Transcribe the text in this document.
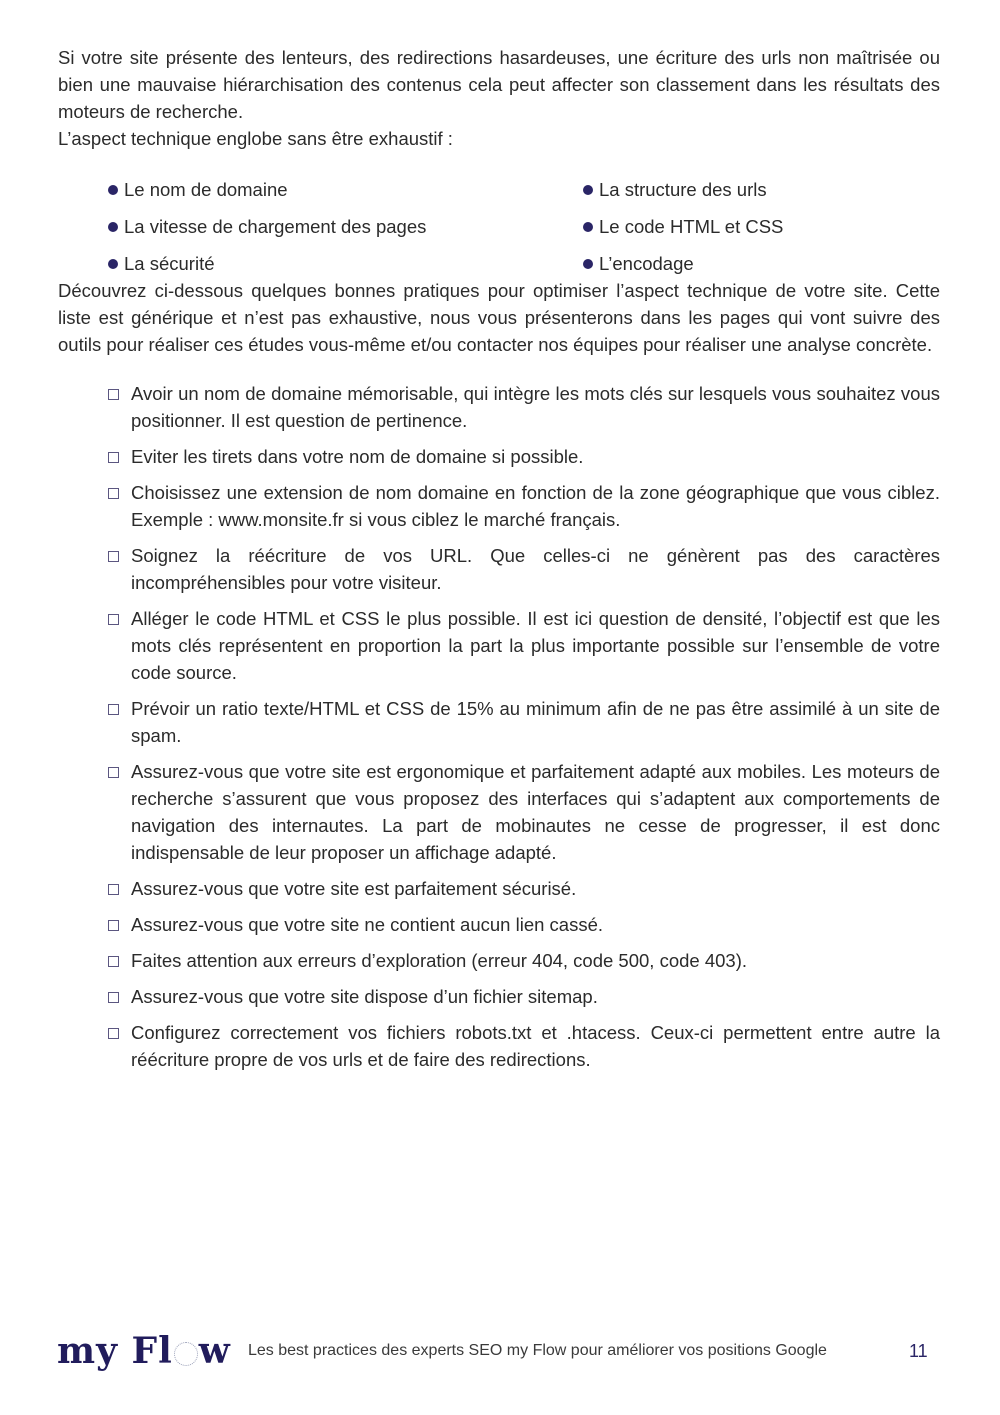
Si votre site présente des lenteurs, des redirections hasardeuses, une écriture des urls non maîtrisée ou bien une mauvaise hiérarchisation des contenus cela peut affecter son classement dans les résultats des moteurs de recherche.

L’aspect technique englobe sans être exhaustif :

Le nom de domaine	La structure des urls
La vitesse de chargement des pages	Le code HTML et CSS
La sécurité	L’encodage

Découvrez ci-dessous quelques bonnes pratiques pour optimiser l’aspect technique de votre site. Cette liste est générique et n’est pas exhaustive, nous vous présenterons dans les pages qui vont suivre des outils pour réaliser ces études vous-même et/ou contacter nos équipes pour réaliser une analyse concrète.

Avoir un nom de domaine mémorisable, qui intègre les mots clés sur lesquels vous souhaitez vous positionner. Il est question de pertinence.
Eviter les tirets dans votre nom de domaine si possible.
Choisissez une extension de nom domaine en fonction de la zone géographique que vous ciblez. Exemple : www.monsite.fr si vous ciblez le marché français.
Soignez la réécriture de vos URL. Que celles-ci ne génèrent pas des caractères incompréhensibles pour votre visiteur.
Alléger le code HTML et CSS le plus possible. Il est ici question de densité, l’objectif est que les mots clés représentent en proportion la part la plus importante possible sur l’ensemble de votre code source.
Prévoir un ratio texte/HTML et CSS de 15% au minimum afin de ne pas être assimilé à un site de spam.
Assurez-vous que votre site est ergonomique et parfaitement adapté aux mobiles. Les moteurs de recherche s’assurent que vous proposez des interfaces qui s’adaptent aux comportements de navigation des internautes. La part de mobinautes ne cesse de progresser, il est donc indispensable de leur proposer un affichage adapté.
Assurez-vous que votre site est parfaitement sécurisé.
Assurez-vous que votre site ne contient aucun lien cassé.
Faites attention aux erreurs d’exploration (erreur 404, code 500, code 403).
Assurez-vous que votre site dispose d’un fichier sitemap.
Configurez correctement vos fichiers robots.txt et .htacess. Ceux-ci permettent entre autre la réécriture propre de vos urls et de faire des redirections.
my Fl w Les best practices des experts SEO my Flow pour améliorer vos positions Google	11
